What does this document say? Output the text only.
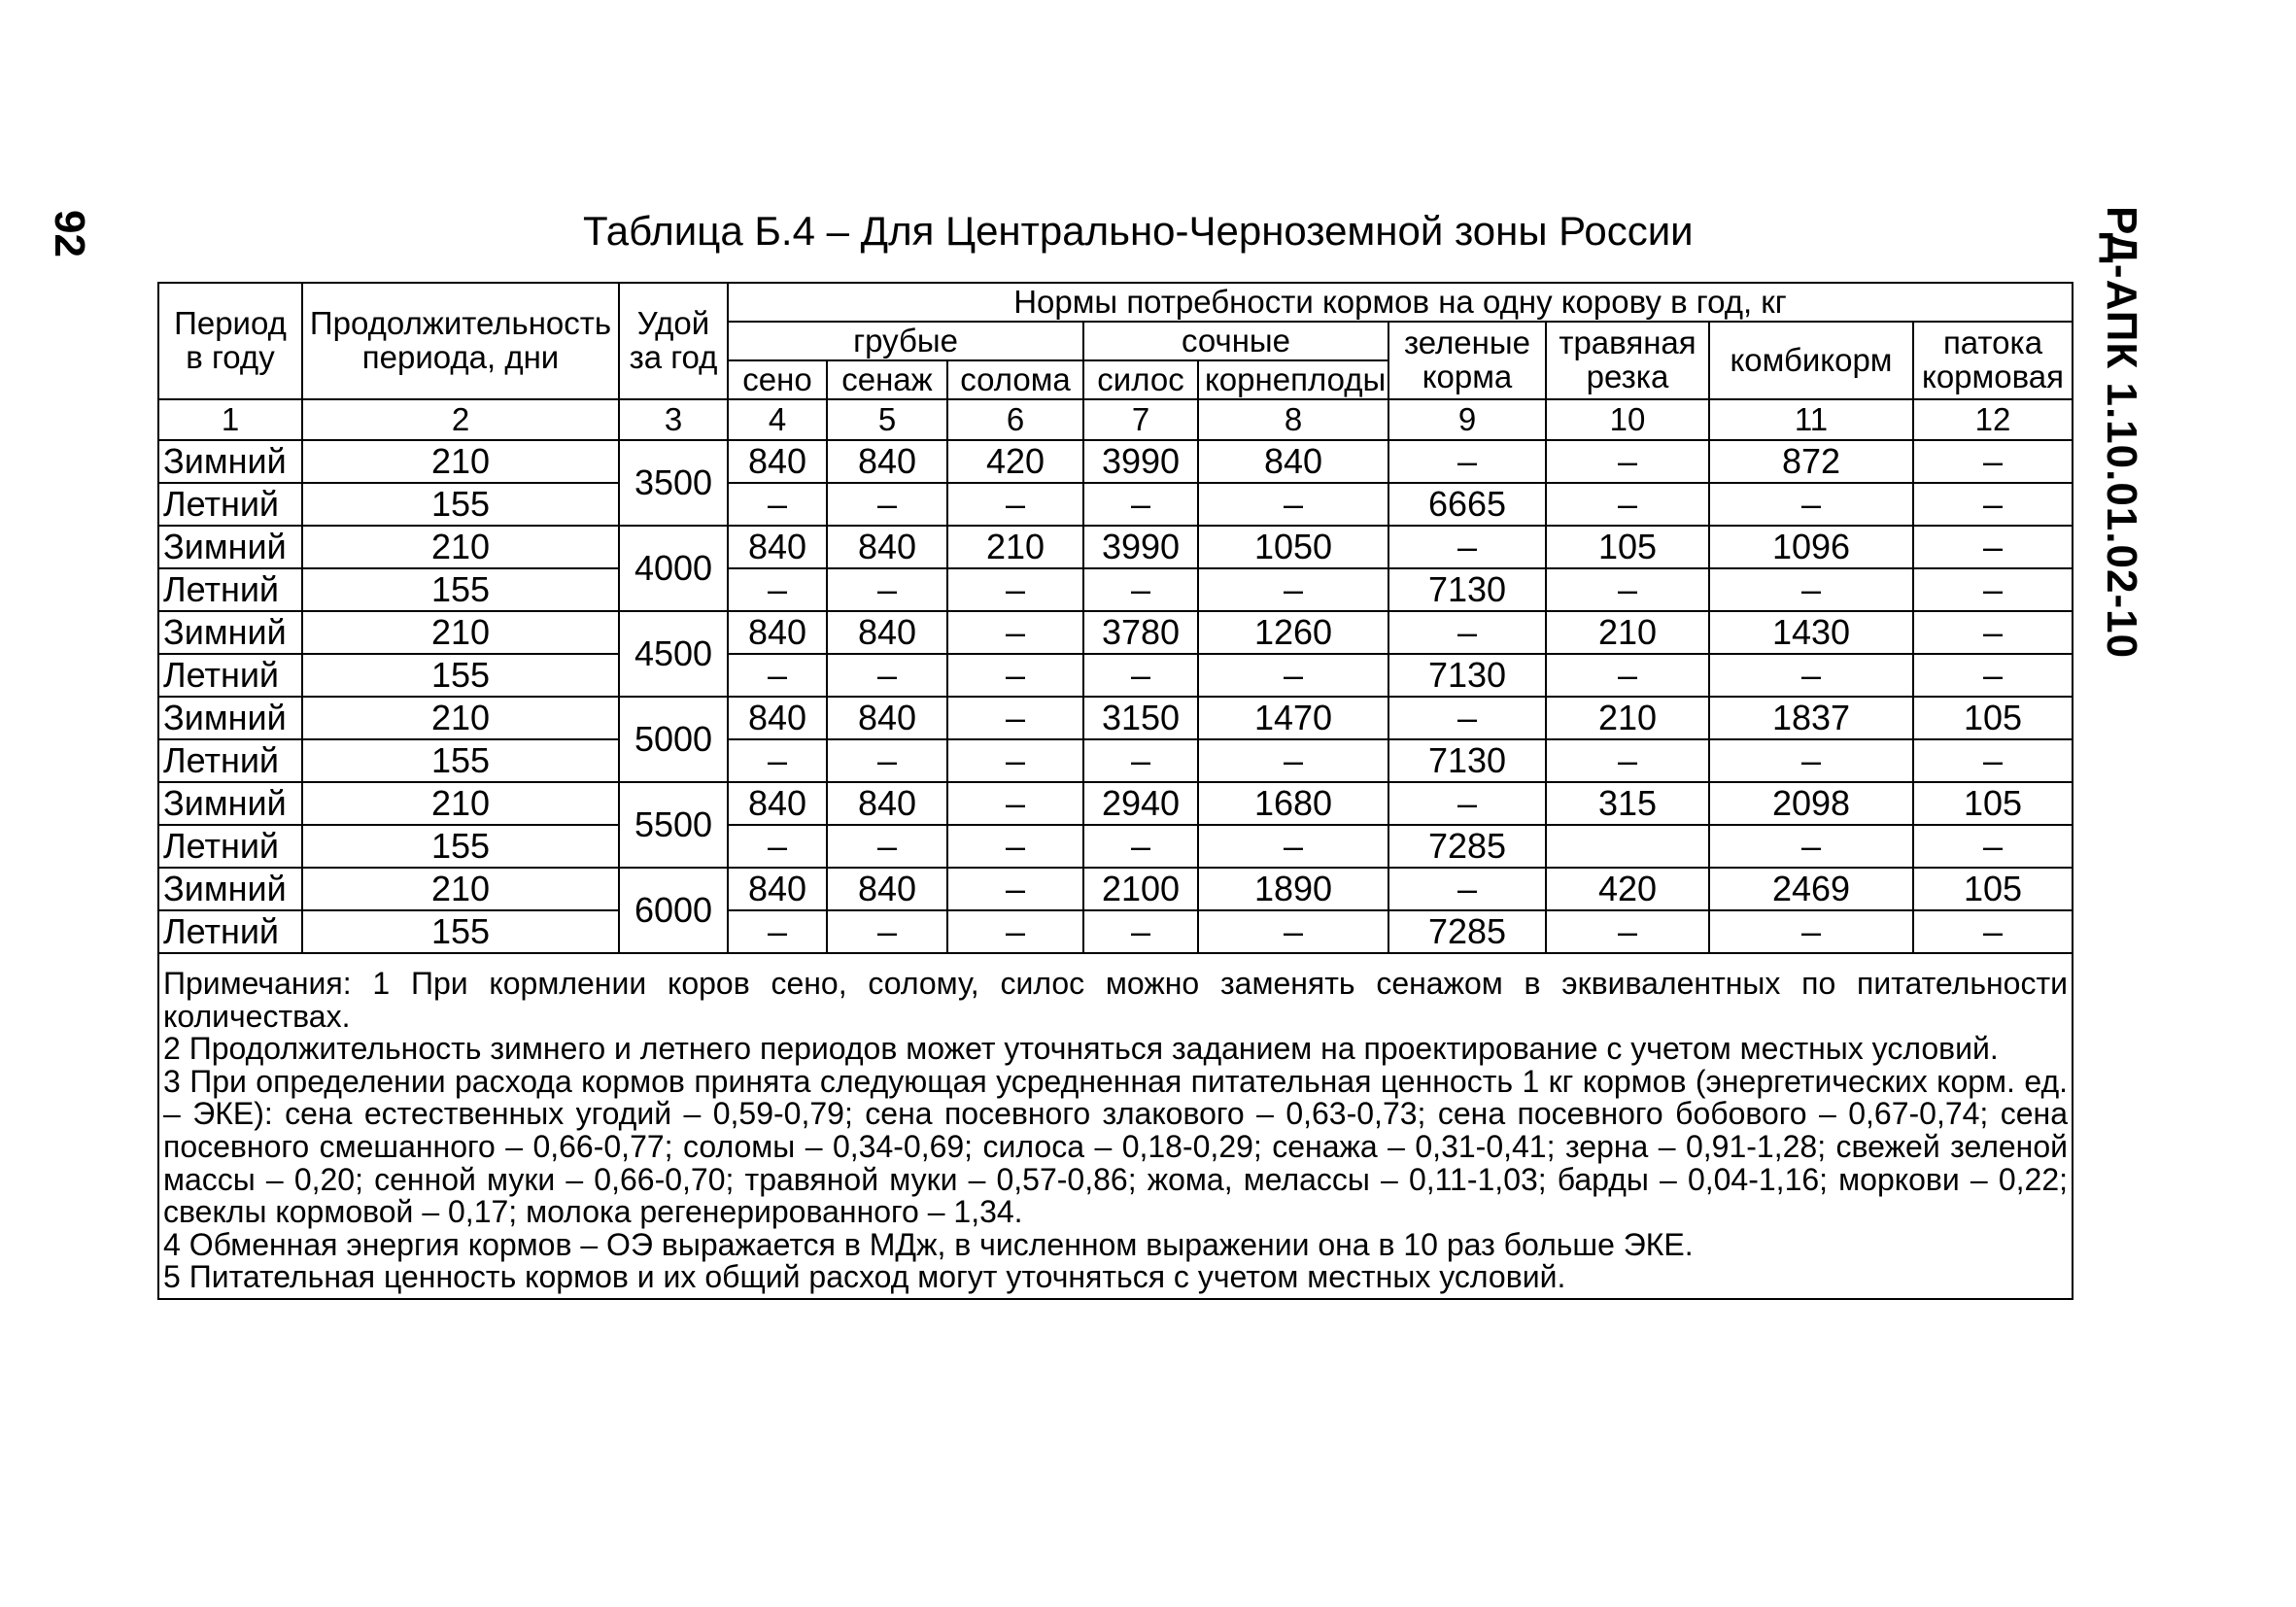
92	РД-АПК 1.10.01.02-10
Таблица Б.4 – Для Центрально-Черноземной зоны России
Период в году	Продолжительность периода, дни	Удой за год	Нормы потребности кормов на одну корову в год, кг								
			грубые			сочные		зеленые корма	травяная резка	комбикорм	патока кормовая
			сено	сенаж	солома	силос	корнеплоды				
1	2	3	4	5	6	7	8	9	10	11	12
Зимний	210	3500	840	840	420	3990	840	–	–	872	–
Летний	155		–	–	–	–	–	6665	–	–	–
Зимний	210	4000	840	840	210	3990	1050	–	105	1096	–
Летний	155		–	–	–	–	–	7130	–	–	–
Зимний	210	4500	840	840	–	3780	1260	–	210	1430	–
Летний	155		–	–	–	–	–	7130	–	–	–
Зимний	210	5000	840	840	–	3150	1470	–	210	1837	105
Летний	155		–	–	–	–	–	7130	–	–	–
Зимний	210	5500	840	840	–	2940	1680	–	315	2098	105
Летний	155		–	–	–	–	–	7285		–	–
Зимний	210	6000	840	840	–	2100	1890	–	420	2469	105
Летний	155		–	–	–	–	–	7285	–	–	–

Примечания: 1 При кормлении коров сено, солому, силос можно заменять сенажом в эквивалентных по питательности количествах.
2 Продолжительность зимнего и летнего периодов может уточняться заданием на проектирование с учетом местных условий.
3 При определении расхода кормов принята следующая усредненная питательная ценность 1 кг кормов (энергетических корм. ед. – ЭКЕ): сена естественных угодий – 0,59-0,79; сена посевного злакового – 0,63-0,73; сена посевного бобового – 0,67-0,74; сена посевного смешанного – 0,66-0,77; соломы – 0,34-0,69; силоса – 0,18-0,29; сенажа – 0,31-0,41; зерна – 0,91-1,28; свежей зеленой массы – 0,20; сенной муки – 0,66-0,70; травяной муки – 0,57-0,86; жома, мелассы – 0,11-1,03; барды – 0,04-1,16; моркови – 0,22; свеклы кормовой – 0,17; молока регенерированного – 1,34.
4 Обменная энергия кормов – ОЭ выражается в МДж, в численном выражении она в 10 раз больше ЭКЕ.
5 Питательная ценность кормов и их общий расход могут уточняться с учетом местных условий.											
